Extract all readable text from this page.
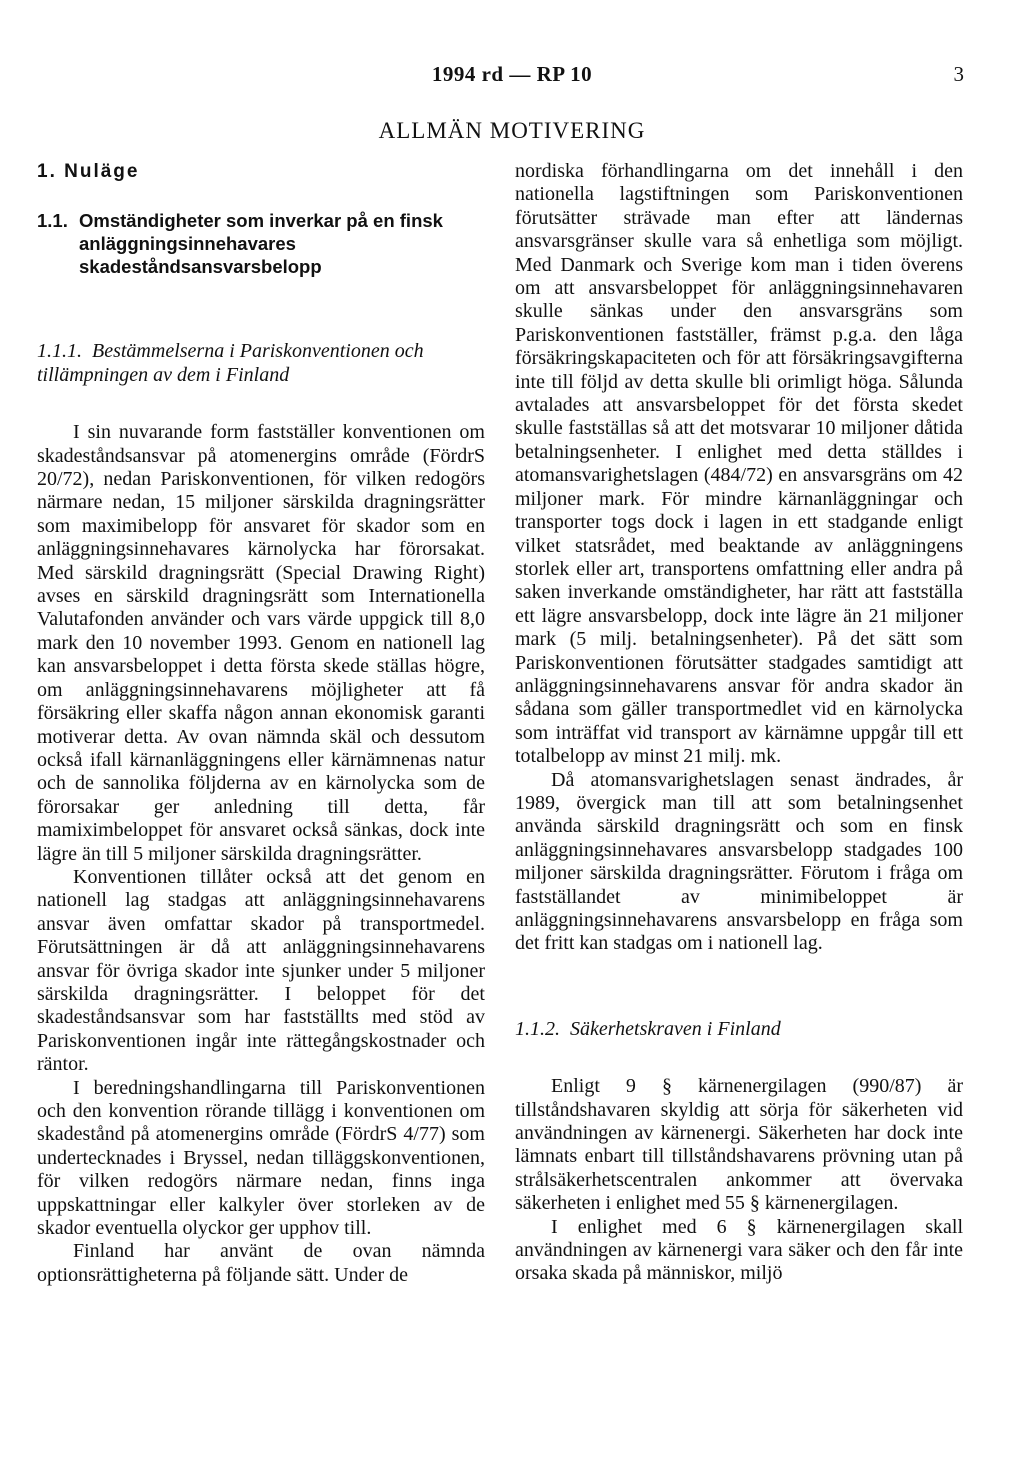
1994 rd — RP 10	3
ALLMÄN MOTIVERING
1. Nuläge
1.1. Omständigheter som inverkar på en finsk anläggningsinnehavares skadeståndsansvarsbelopp
1.1.1. Bestämmelserna i Pariskonventionen och tillämpningen av dem i Finland

I sin nuvarande form fastställer konventionen om skadeståndsansvar på atomenergins område (FördrS 20/72), nedan Pariskonventionen, för vilken redogörs närmare nedan, 15 miljoner särskilda dragningsrätter som maximibelopp för ansvaret för skador som en anläggningsinnehavares kärnolycka har förorsakat. Med särskild dragningsrätt (Special Drawing Right) avses en särskild dragningsrätt som Internationella Valutafonden använder och vars värde uppgick till 8,0 mark den 10 november 1993. Genom en nationell lag kan ansvarsbeloppet i detta första skede ställas högre, om anläggningsinnehavarens möjligheter att få försäkring eller skaffa någon annan ekonomisk garanti motiverar detta. Av ovan nämnda skäl och dessutom också ifall kärnanläggningens eller kärnämnenas natur och de sannolika följderna av en kärnolycka som de förorsakar ger anledning till detta, får mamiximbeloppet för ansvaret också sänkas, dock inte lägre än till 5 miljoner särskilda dragningsrätter.

Konventionen tillåter också att det genom en nationell lag stadgas att anläggningsinnehavarens ansvar även omfattar skador på transportmedel. Förutsättningen är då att anläggningsinnehavarens ansvar för övriga skador inte sjunker under 5 miljoner särskilda dragningsrätter. I beloppet för det skadeståndsansvar som har fastställts med stöd av Pariskonventionen ingår inte rättegångskostnader och räntor.

I beredningshandlingarna till Pariskonventionen och den konvention rörande tillägg i konventionen om skadestånd på atomenergins område (FördrS 4/77) som undertecknades i Bryssel, nedan tilläggskonventionen, för vilken redogörs närmare nedan, finns inga uppskattningar eller kalkyler över storleken av de skador eventuella olyckor ger upphov till.

Finland har använt de ovan nämnda optionsrättigheterna på följande sätt. Under de

nordiska förhandlingarna om det innehåll i den nationella lagstiftningen som Pariskonventionen förutsätter strävade man efter att ländernas ansvarsgränser skulle vara så enhetliga som möjligt. Med Danmark och Sverige kom man i tiden överens om att ansvarsbeloppet för anläggningsinnehavaren skulle sänkas under den ansvarsgräns som Pariskonventionen fastställer, främst p.g.a. den låga försäkringskapaciteten och för att försäkringsavgifterna inte till följd av detta skulle bli orimligt höga. Sålunda avtalades att ansvarsbeloppet för det första skedet skulle fastställas så att det motsvarar 10 miljoner dåtida betalningsenheter. I enlighet med detta ställdes i atomansvarighetslagen (484/72) en ansvarsgräns om 42 miljoner mark. För mindre kärnanläggningar och transporter togs dock i lagen in ett stadgande enligt vilket statsrådet, med beaktande av anläggningens storlek eller art, transportens omfattning eller andra på saken inverkande omständigheter, har rätt att fastställa ett lägre ansvarsbelopp, dock inte lägre än 21 miljoner mark (5 milj. betalningsenheter). På det sätt som Pariskonventionen förutsätter stadgades samtidigt att anläggningsinnehavarens ansvar för andra skador än sådana som gäller transportmedlet vid en kärnolycka som inträffat vid transport av kärnämne uppgår till ett totalbelopp av minst 21 milj. mk.

Då atomansvarighetslagen senast ändrades, år 1989, övergick man till att som betalningsenhet använda särskild dragningsrätt och som en finsk anläggningsinnehavares ansvarsbelopp stadgades 100 miljoner särskilda dragningsrätter. Förutom i fråga om fastställandet av minimibeloppet är anläggningsinnehavarens ansvarsbelopp en fråga som det fritt kan stadgas om i nationell lag.

1.1.2. Säkerhetskraven i Finland

Enligt 9 § kärnenergilagen (990/87) är tillståndshavaren skyldig att sörja för säkerheten vid användningen av kärnenergi. Säkerheten har dock inte lämnats enbart till tillståndshavarens prövning utan på strålsäkerhetscentralen ankommer att övervaka säkerheten i enlighet med 55 § kärnenergilagen.

I enlighet med 6 § kärnenergilagen skall användningen av kärnenergi vara säker och den får inte orsaka skada på människor, miljö
